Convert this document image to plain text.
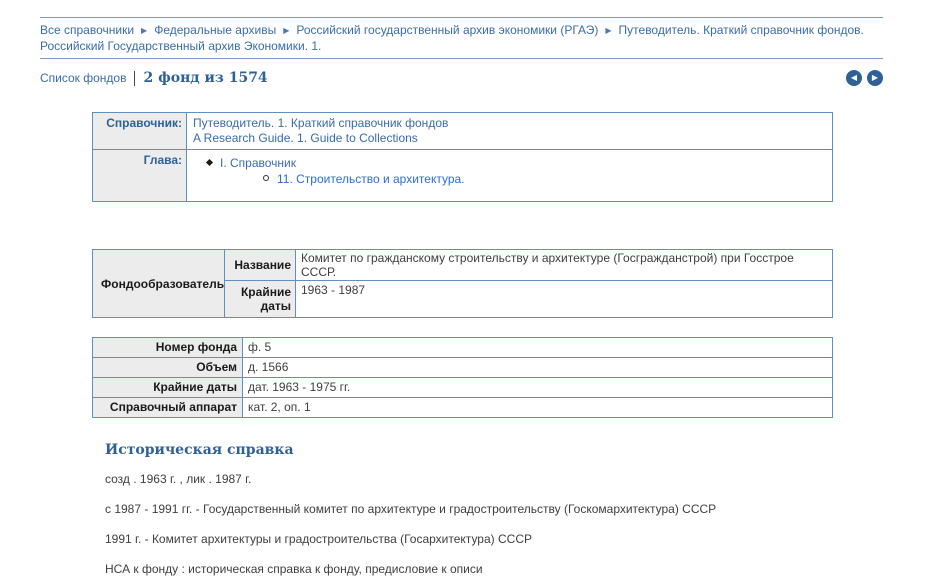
Все справочники ▶ Федеральные архивы ▶ Российский государственный архив экономики (РГАЭ) ▶ Путеводитель. Краткий справочник фондов. Российский Государственный архив Экономики. 1.
Список фондов 2 фонд из 1574	◀	▶
Справочник:	Путеводитель. 1. Краткий справочник фондов
A Research Guide. 1. Guide to Collections
Глава:	I. Справочник
11. Строительство и архитектура.
Фондообразователь	Название	Комитет по гражданскому строительству и архитектуре (Госгражданстрой) при Госстрое СССР.
	Крайние даты	1963 - 1987
Номер фонда	ф. 5
Объем	д. 1566
Крайние даты	дат. 1963 - 1975 гг.
Справочный аппарат	кат. 2, оп. 1
Историческая справка

созд . 1963 г. , лик . 1987 г.

с 1987 - 1991 гг. - Государственный комитет по архитектуре и градостроительству (Госкомархитектура) СССР

1991 г. - Комитет архитектуры и градостроительства (Госархитектура) СССР

НСА к фонду : историческая справка к фонду, предисловие к описи
